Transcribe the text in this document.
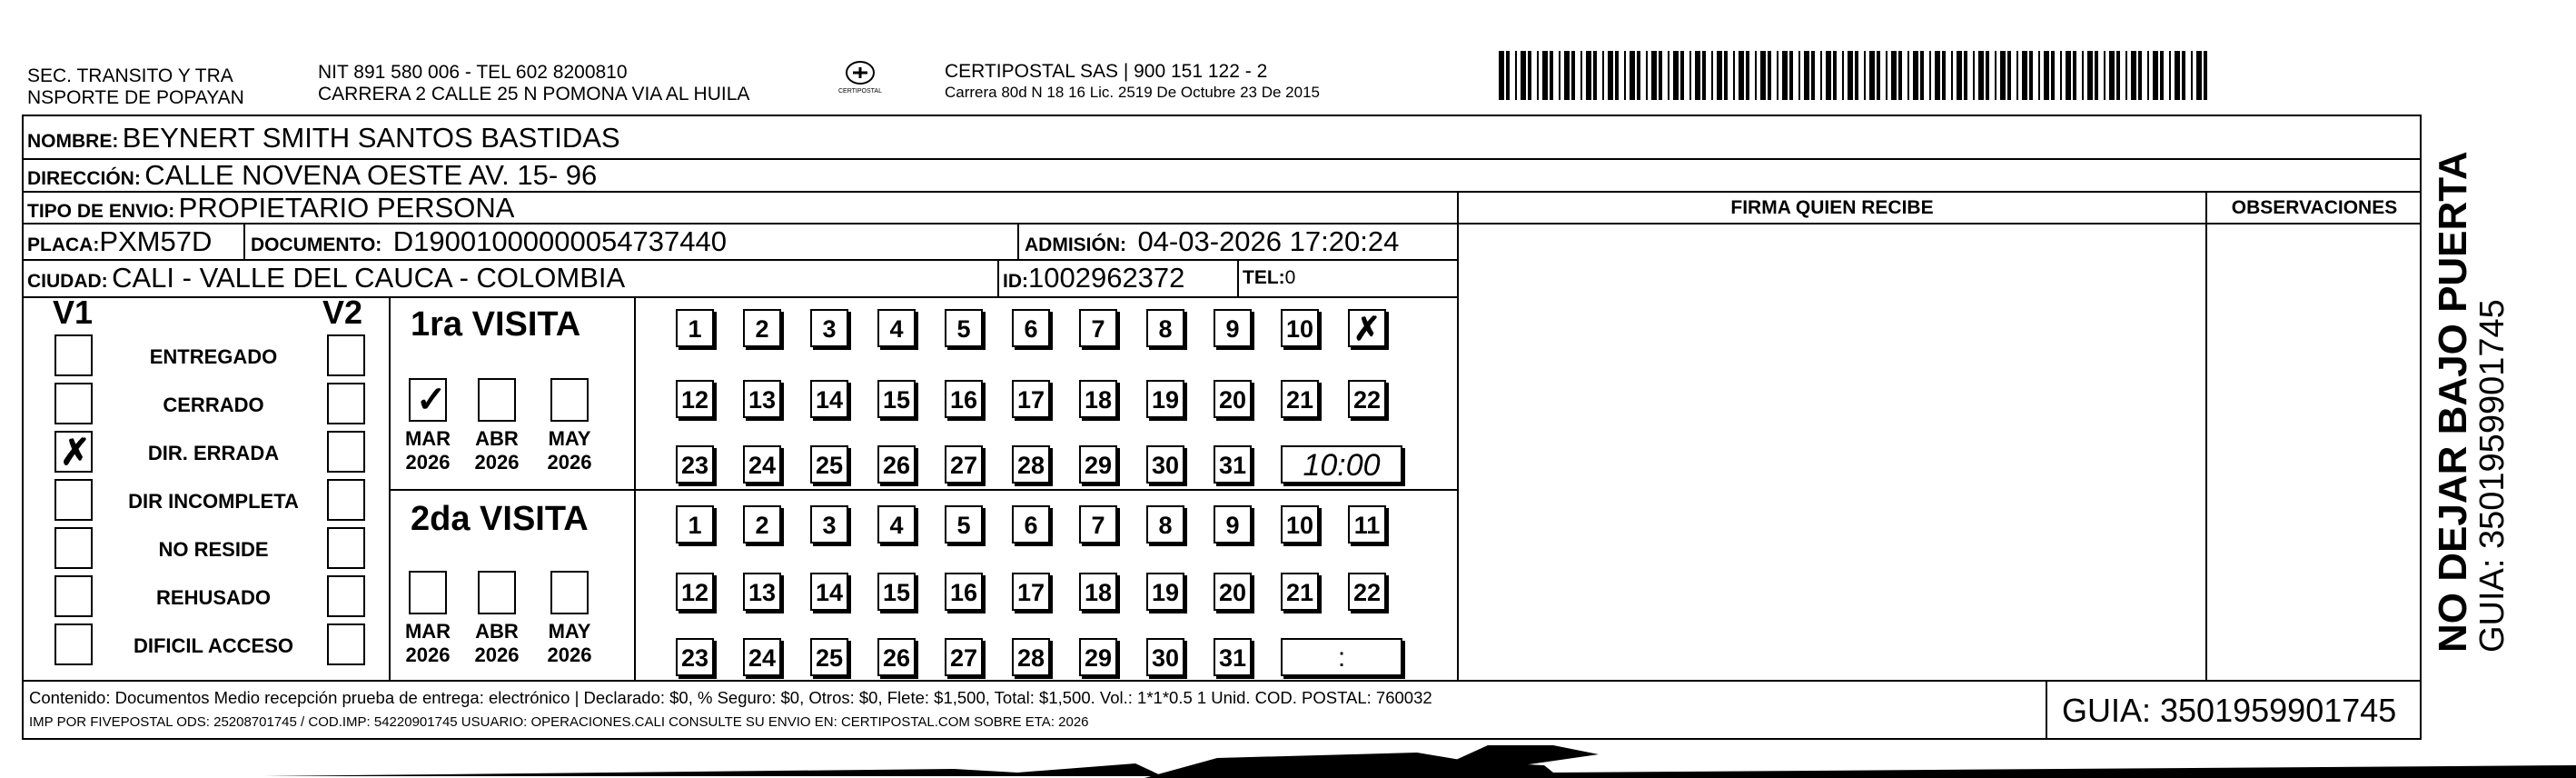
SEC. TRANSITO Y TRA
NSPORTE DE POPAYAN
NIT 891 580 006 - TEL 602 8200810
CARRERA 2 CALLE 25 N POMONA VIA AL HUILA	CERTIPOSTAL
CERTIPOSTAL SAS | 900 151 122 - 2
Carrera 80d N 18 16 Lic. 2519 De Octubre 23 De 2015
NOMBRE: BEYNERT SMITH SANTOS BASTIDAS
DIRECCIÓN: CALLE NOVENA OESTE AV. 15- 96
TIPO DE ENVIO: PROPIETARIO PERSONA	FIRMA QUIEN RECIBE	OBSERVACIONES
PLACA:PXM57D DOCUMENTO: D19001000000054737440	ADMISIÓN: 04-03-2026 17:20:24
CIUDAD: CALI - VALLE DEL CAUCA - COLOMBIA	ID:1002962372	TEL:0
V1	V2
ENTREGADO
CERRADO
✗	DIR. ERRADA
DIR INCOMPLETA
NO RESIDE
REHUSADO
DIFICIL ACCESO
1ra VISITA
2da VISITA
✓
MAR
2026
ABR
2026
MAY
2026
MAR
2026
ABR
2026
MAY
2026
1	2	3	4	5	6	7	8	9	10 ✗
12 13 14 15 16 17 18 19 20 21 22
23 24 25 26 27 28 29 30 31	10:00
1	2	3	4	5	6	7	8	9	10 11
12 13 14 15 16 17 18 19 20 21 22
23 24 25 26 27 28 29 30 31	:
Contenido: Documentos Medio recepción prueba de entrega: electrónico | Declarado: $0, % Seguro: $0, Otros: $0, Flete: $1,500, Total: $1,500. Vol.: 1*1*0.5 1 Unid. COD. POSTAL: 760032
IMP POR FIVEPOSTAL ODS: 25208701745 / COD.IMP: 54220901745 USUARIO: OPERACIONES.CALI CONSULTE SU ENVIO EN: CERTIPOSTAL.COM SOBRE ETA: 2026	GUIA: 3501959901745
NO DEJAR BAJO PUERTA
GUIA: 3501959901745
